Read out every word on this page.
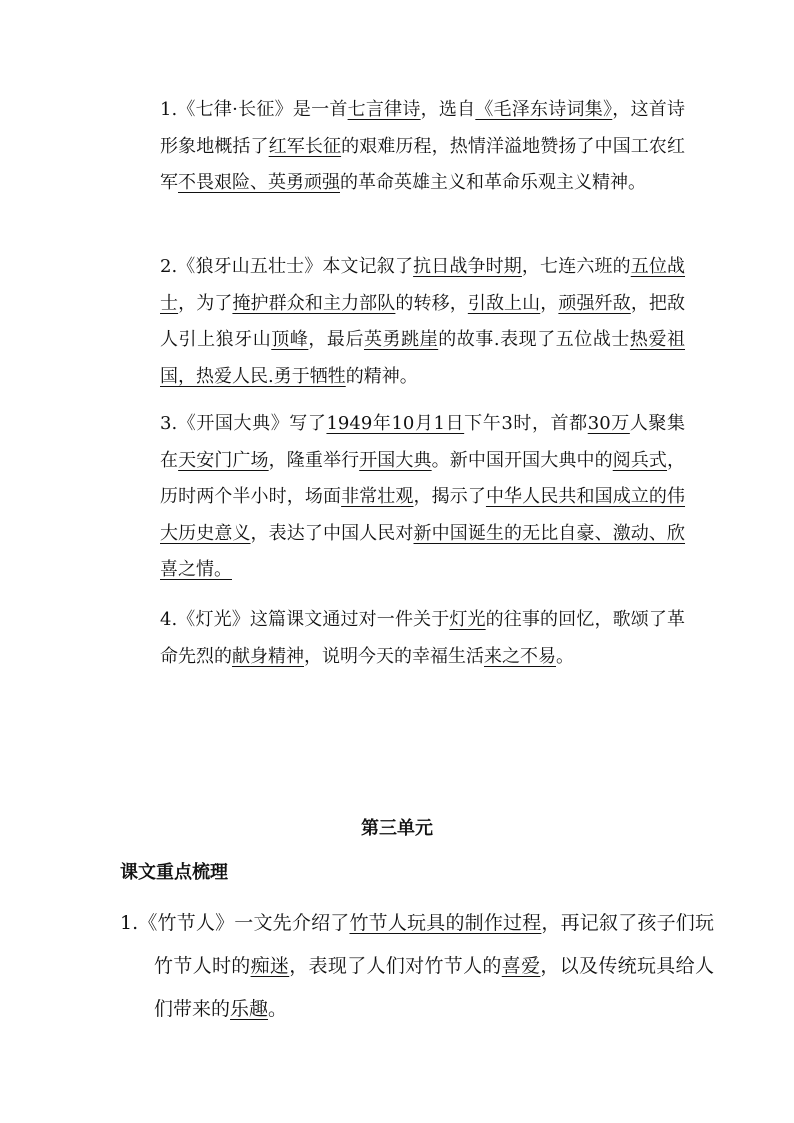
1.《七律·长征》是一首七言律诗，选自《毛泽东诗词集》，这首诗形象地概括了红军长征的艰难历程，热情洋溢地赞扬了中国工农红军不畏艰险、英勇顽强的革命英雄主义和革命乐观主义精神。
2.《狼牙山五壮士》本文记叙了抗日战争时期，七连六班的五位战士，为了掩护群众和主力部队的转移，引敌上山，顽强歼敌，把敌人引上狼牙山顶峰，最后英勇跳崖的故事.表现了五位战士热爱祖国，热爱人民.勇于牺牲的精神。
3.《开国大典》写了1949年10月1日下午3时，首都30万人聚集在天安门广场，隆重举行开国大典。新中国开国大典中的阅兵式，历时两个半小时，场面非常壮观，揭示了中华人民共和国成立的伟大历史意义，表达了中国人民对新中国诞生的无比自豪、激动、欣喜之情。
4.《灯光》这篇课文通过对一件关于灯光的往事的回忆，歌颂了革命先烈的献身精神，说明今天的幸福生活来之不易。
第三单元
课文重点梳理
1.《竹节人》一文先介绍了竹节人玩具的制作过程，再记叙了孩子们玩竹节人时的痴迷，表现了人们对竹节人的喜爱，以及传统玩具给人们带来的乐趣。
